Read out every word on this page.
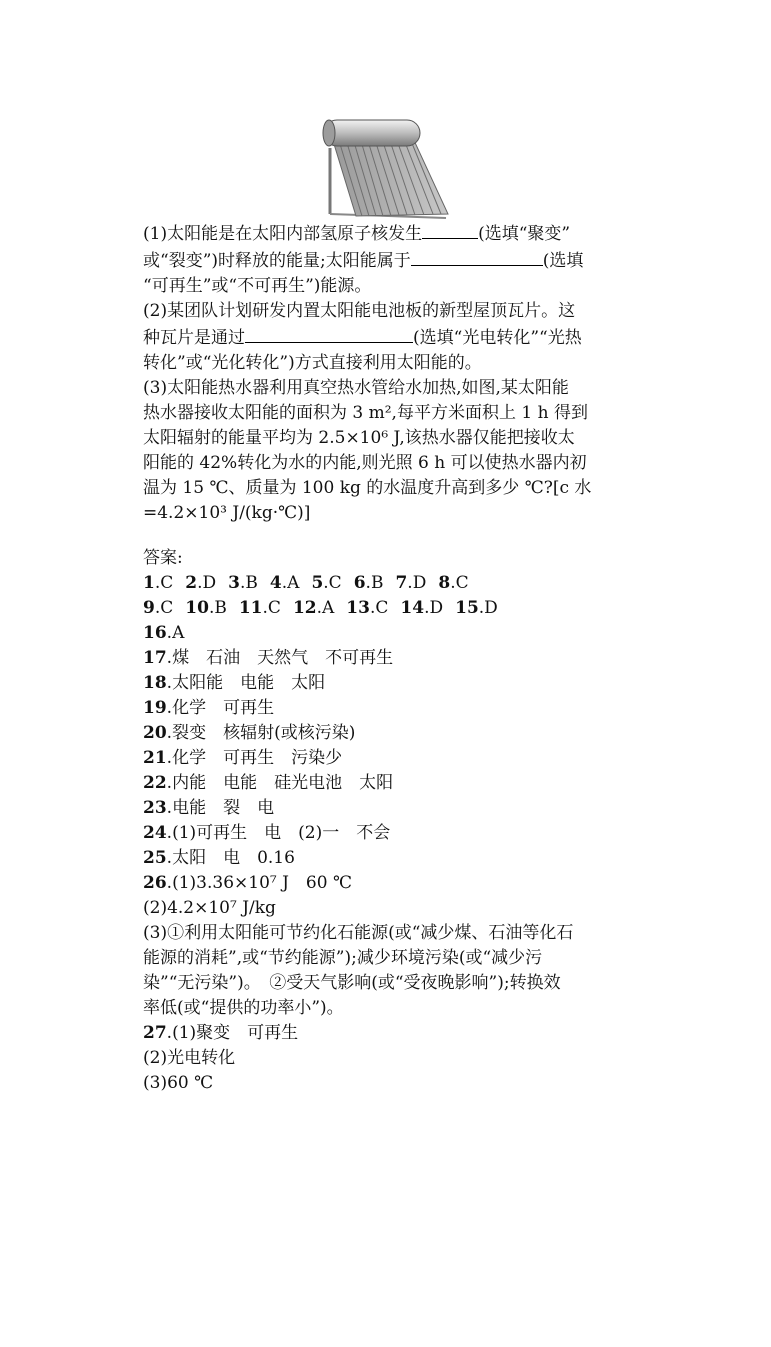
(1)太阳能是在太阳内部氢原子核发生	(选填“聚变”
或“裂变”)时释放的能量;太阳能属于	(选填
“可再生”或“不可再生”)能源。

(2)某团队计划研发内置太阳能电池板的新型屋顶瓦片。这
种瓦片是通过	(选填“光电转化”“光热
转化”或“光化转化”)方式直接利用太阳能的。

(3)太阳能热水器利用真空热水管给水加热,如图,某太阳能
热水器接收太阳能的面积为 3 m²,每平方米面积上 1 h 得到
太阳辐射的能量平均为 2.5×10⁶ J,该热水器仅能把接收太
阳能的 42%转化为水的内能,则光照 6 h 可以使热水器内初
温为 15 ℃、质量为 100 kg 的水温度升高到多少 ℃?[c 水
=4.2×10³ J/(kg·℃)]

答案:
1.C 2.D 3.B 4.A 5.C 6.B 7.D 8.C
9.C 10.B 11.C 12.A 13.C 14.D 15.D
16.A
17.煤　石油　天然气　不可再生
18.太阳能　电能　太阳
19.化学　可再生
20.裂变　核辐射(或核污染)
21.化学　可再生　污染少
22.内能　电能　硅光电池　太阳
23.电能　裂　电
24.(1)可再生　电　(2)一　不会
25.太阳　电　0.16
26.(1)3.36×10⁷ J　60 ℃
(2)4.2×10⁷ J/kg
(3)①利用太阳能可节约化石能源(或“减少煤、石油等化石
能源的消耗”,或“节约能源”);减少环境污染(或“减少污
染”“无污染”)。　②受天气影响(或“受夜晚影响”);转换效
率低(或“提供的功率小”)。
27.(1)聚变　可再生
(2)光电转化
(3)60 ℃
